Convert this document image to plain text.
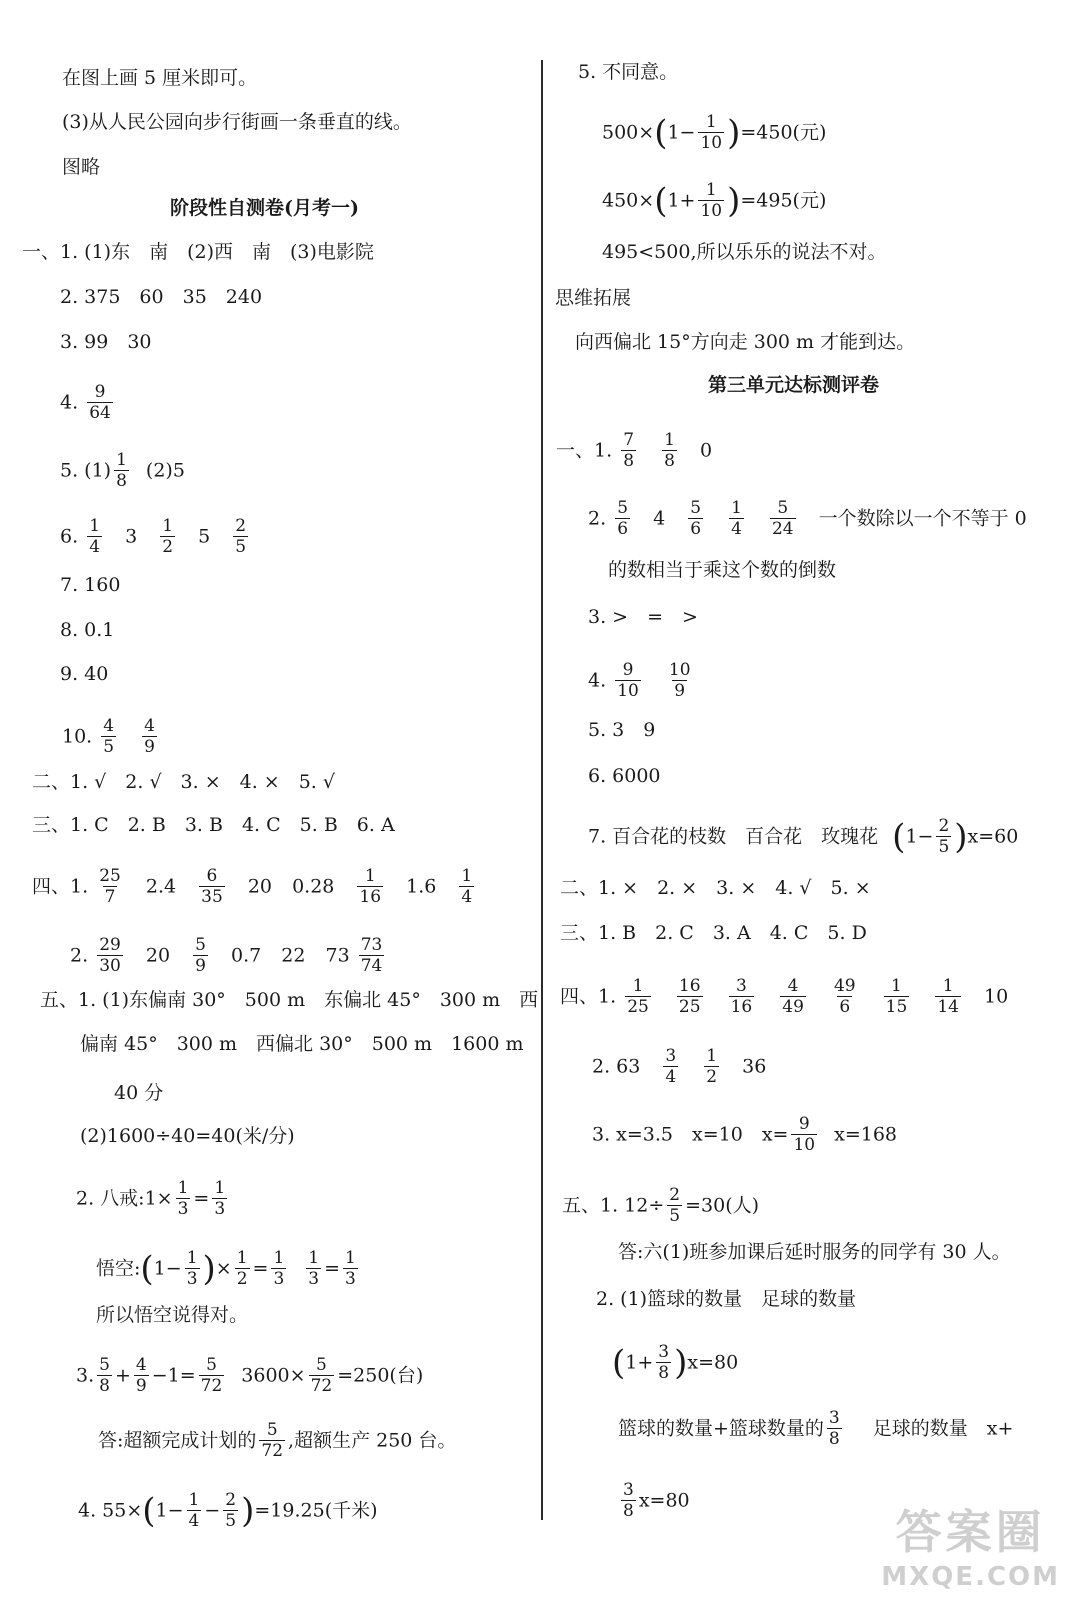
在图上画 5 厘米即可。
(3)从人民公园向步行街画一条垂直的线。
图略
阶段性自测卷(月考一)
一、1. (1)东　南　(2)西　南　(3)电影院
2. 375　60　35　240
3. 99　30
4. $\frac{9}{64}$
5. $(1) \frac{1}{8} (2)5$
6. $\frac{1}{4} 3 \frac{1}{2} 5 \frac{2}{5}$
7. 160
8. 0.1
9. 40
10. $\frac{4}{5}$
$\frac{4}{9}$
二、1. √　2. √　3. ×　4. ×　5. √
三、1. C　2. B　3. B　4. C　5. B　6. A
四、1. $\frac{25}{7} 2.4 \frac{6}{35} 20$ $0.28 \frac{1}{16} 1.6 \frac{1}{4}$
2. $\frac{29}{30} 20 \frac{5}{9} 0.7$ 22 $73 \frac{73}{74}$
五、1. (1)东偏南 30°　500 m　东偏北 45°　300 m　西
偏南 45°　300 m　西偏北 30°　500 m　1600 m
40 分
(2)1600÷40=40(米/分)
2. 八戒:1× $\frac{1}{3} = \frac{1}{3}$
悟空:(1− $\frac{1}{3}$ )× $\frac{1}{2} = \frac{1}{3} \frac{1}{3} = \frac{1}{3}$
所以悟空说得对。
3. $\frac{5}{8} + \frac{4}{9} -1= \frac{5}{72} 3600\times \frac{5}{72} =250$(台)
答:超额完成计划的 $\frac{5}{72}$ ,超额生产 250 台。
4. $55\times(1- \frac{1}{4} - \frac{2}{5} )=19.25$(千米)
5. 不同意。
$500\times(1- \frac{1}{10} )=450$(元)
$450\times(1+ \frac{1}{10} )=495$(元)
495<500,所以乐乐的说法不对。
思维拓展
向西偏北 15°方向走 300 m 才能到达。
第三单元达标测评卷
一、1. $\frac{7}{8}$
$\frac{1}{8} 0$
2. $\frac{5}{6} 4 \frac{5}{6}$
$\frac{1}{4}$
$\frac{5}{24}$ 一个数除以一个不等于 0
的数相当于乘这个数的倒数
3. >　=　>
4. $\frac{9}{10}$
$\frac{10}{9}$
5. 3　9
6. 6000
7. 百合花的枝数　百合花　玫瑰花 $(1- \frac{2}{5} )x=60$
二、1. ×　2. ×　3. ×　4. √　5. ×
三、1. B　2. C　3. A　4. C　5. D
四、1. $\frac{1}{25}$
$\frac{16}{25}$
$\frac{3}{16}$
$\frac{4}{49}$
$\frac{49}{6}$
$\frac{1}{15}$
$\frac{1}{14} 10$
2. $63 \frac{3}{4}$
$\frac{1}{2} 36$
3. x=3.5　x=10　$x= \frac{9}{10} x=168$
五、1. $12\div \frac{2}{5} =30$(人)
答:六(1)班参加课后延时服务的同学有 30 人。
2. (1)篮球的数量　足球的数量
$(1+ \frac{3}{8} )x=80$
篮球的数量+篮球数量的 $\frac{3}{8}$ 足球的数量　x+
$\frac{3}{8} x=80$
答案圈
MXQE.COM
